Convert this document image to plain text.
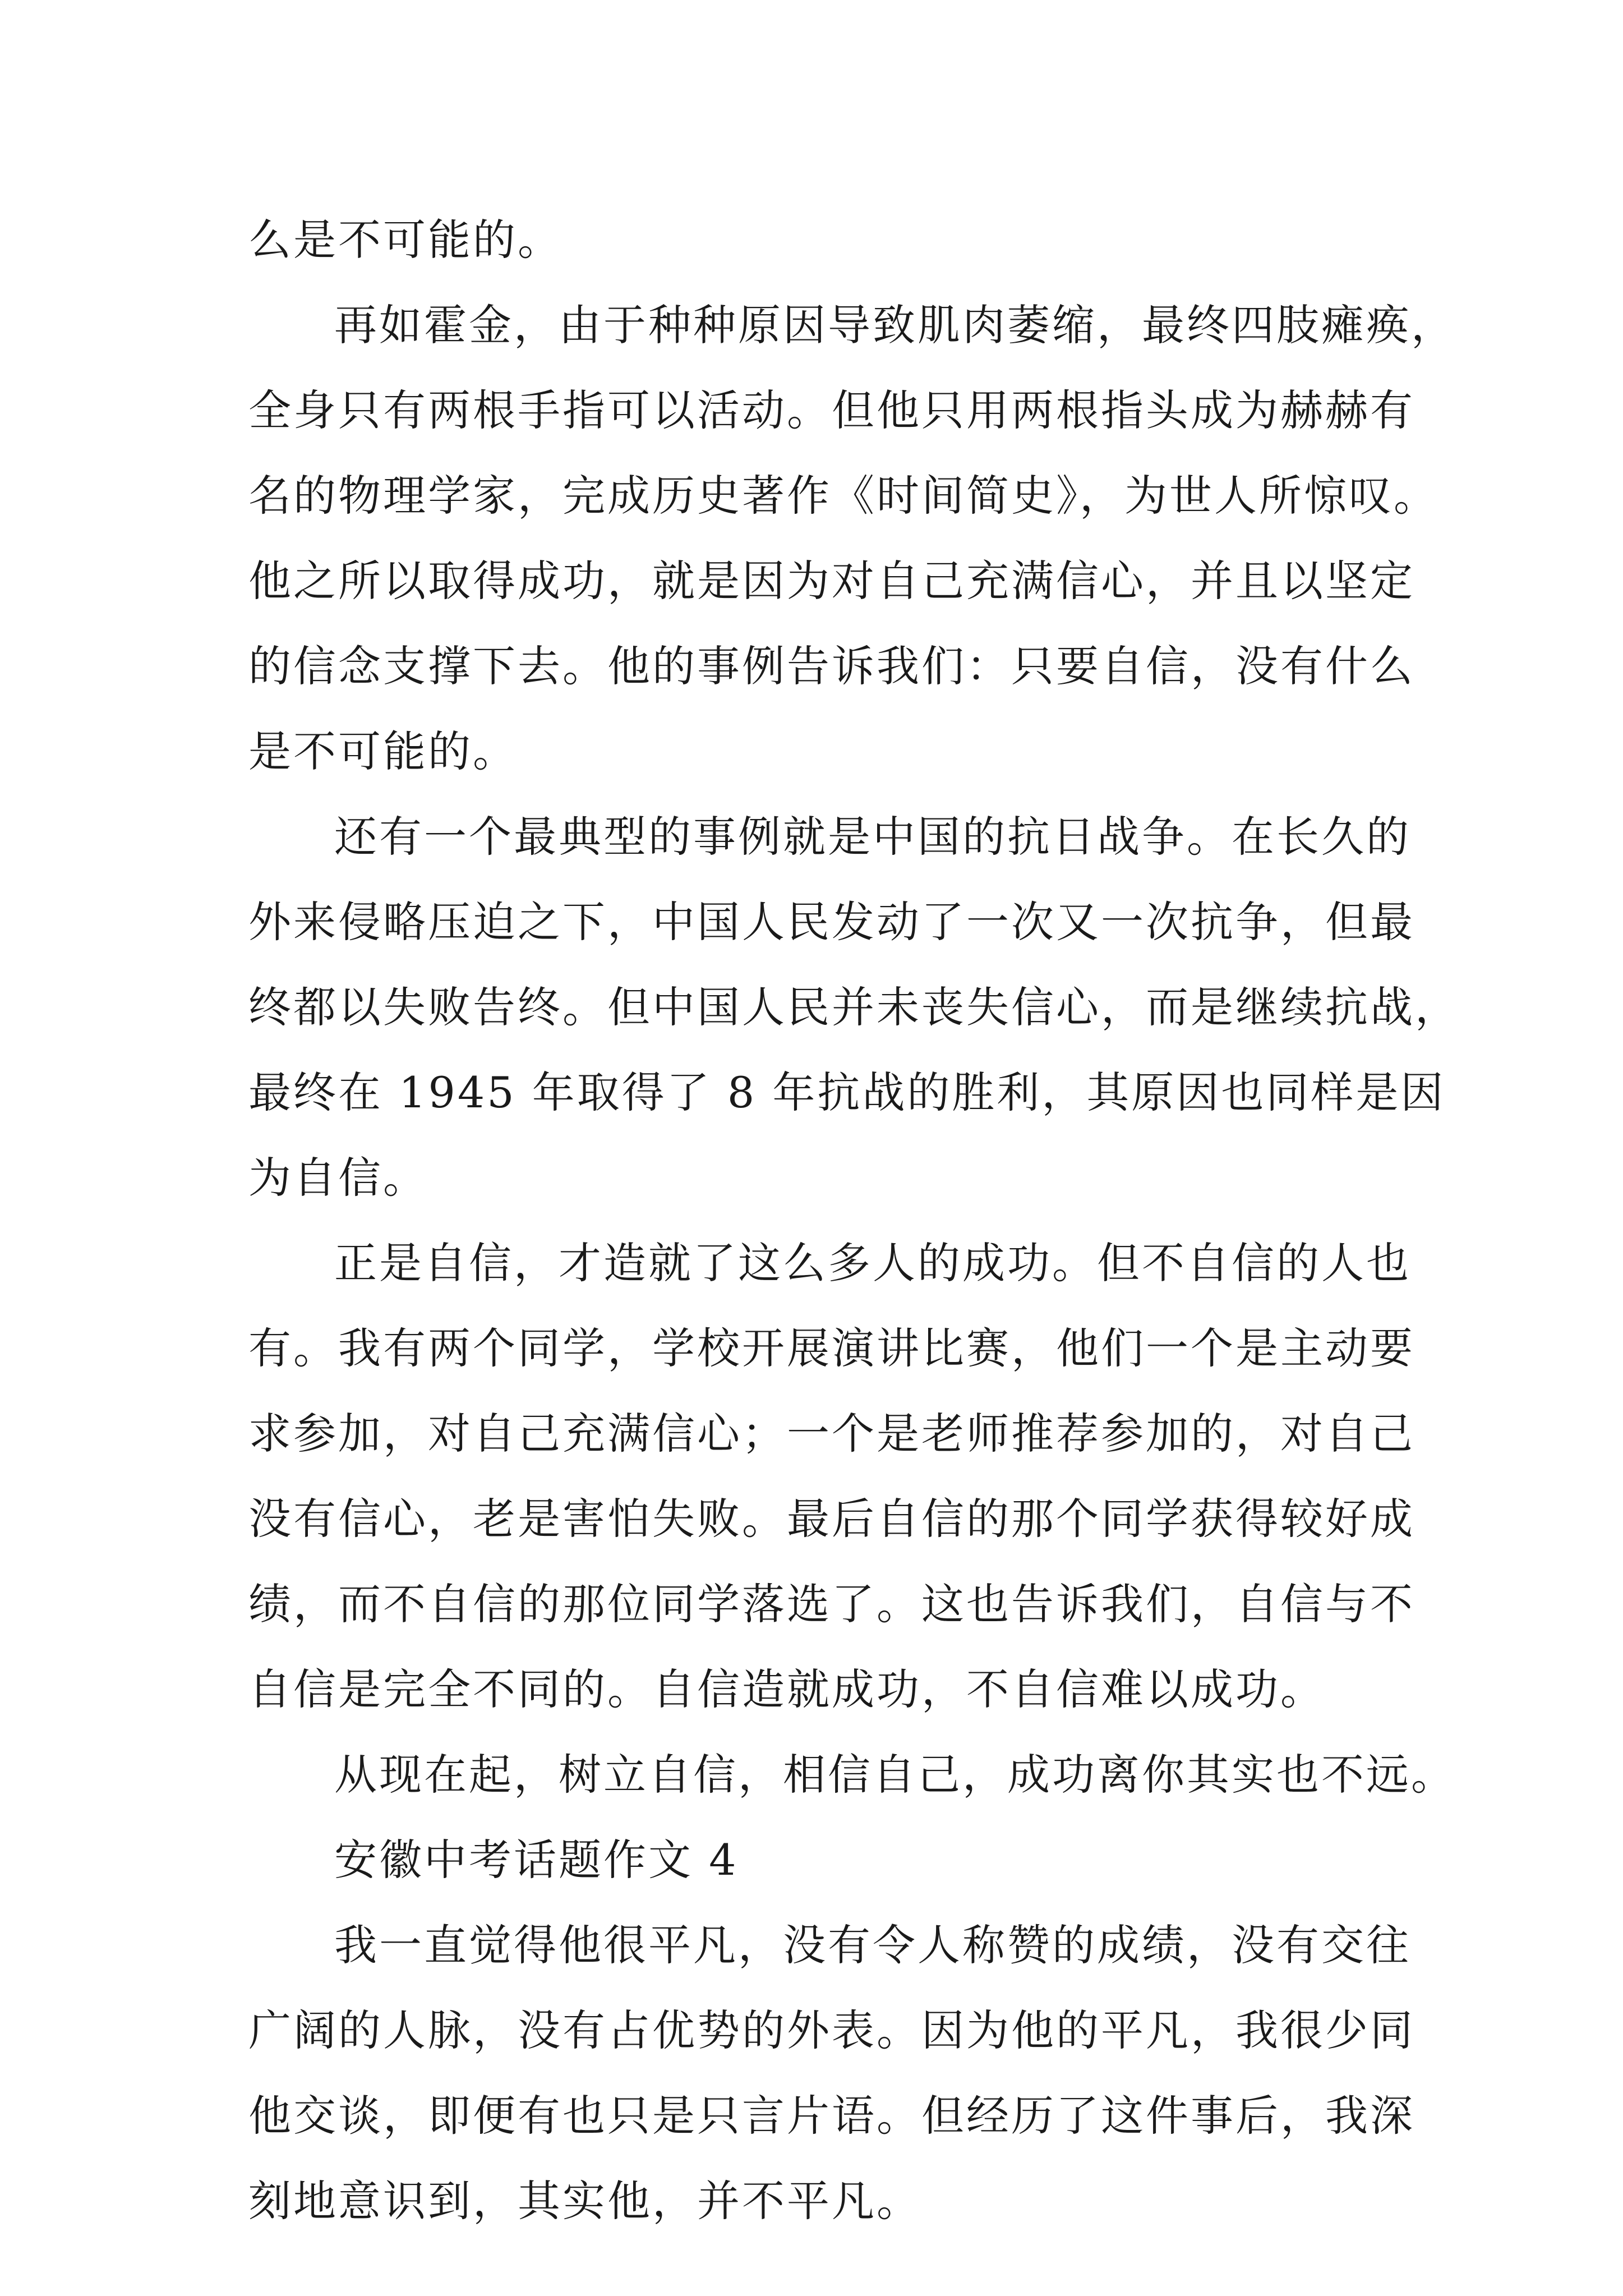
么是不可能的。
再如霍金，由于种种原因导致肌肉萎缩，最终四肢瘫痪，
全身只有两根手指可以活动。但他只用两根指头成为赫赫有
名的物理学家，完成历史著作《时间简史》，为世人所惊叹。
他之所以取得成功，就是因为对自己充满信心，并且以坚定
的信念支撑下去。他的事例告诉我们：只要自信，没有什么
是不可能的。
还有一个最典型的事例就是中国的抗日战争。在长久的
外来侵略压迫之下，中国人民发动了一次又一次抗争，但最
终都以失败告终。但中国人民并未丧失信心，而是继续抗战，
最终在 1945 年取得了 8 年抗战的胜利，其原因也同样是因
为自信。
正是自信，才造就了这么多人的成功。但不自信的人也
有。我有两个同学，学校开展演讲比赛，他们一个是主动要
求参加，对自己充满信心；一个是老师推荐参加的，对自己
没有信心，老是害怕失败。最后自信的那个同学获得较好成
绩，而不自信的那位同学落选了。这也告诉我们，自信与不
自信是完全不同的。自信造就成功，不自信难以成功。
从现在起，树立自信，相信自己，成功离你其实也不远。
安徽中考话题作文 4
我一直觉得他很平凡，没有令人称赞的成绩，没有交往
广阔的人脉，没有占优势的外表。因为他的平凡，我很少同
他交谈，即便有也只是只言片语。但经历了这件事后，我深
刻地意识到，其实他，并不平凡。
